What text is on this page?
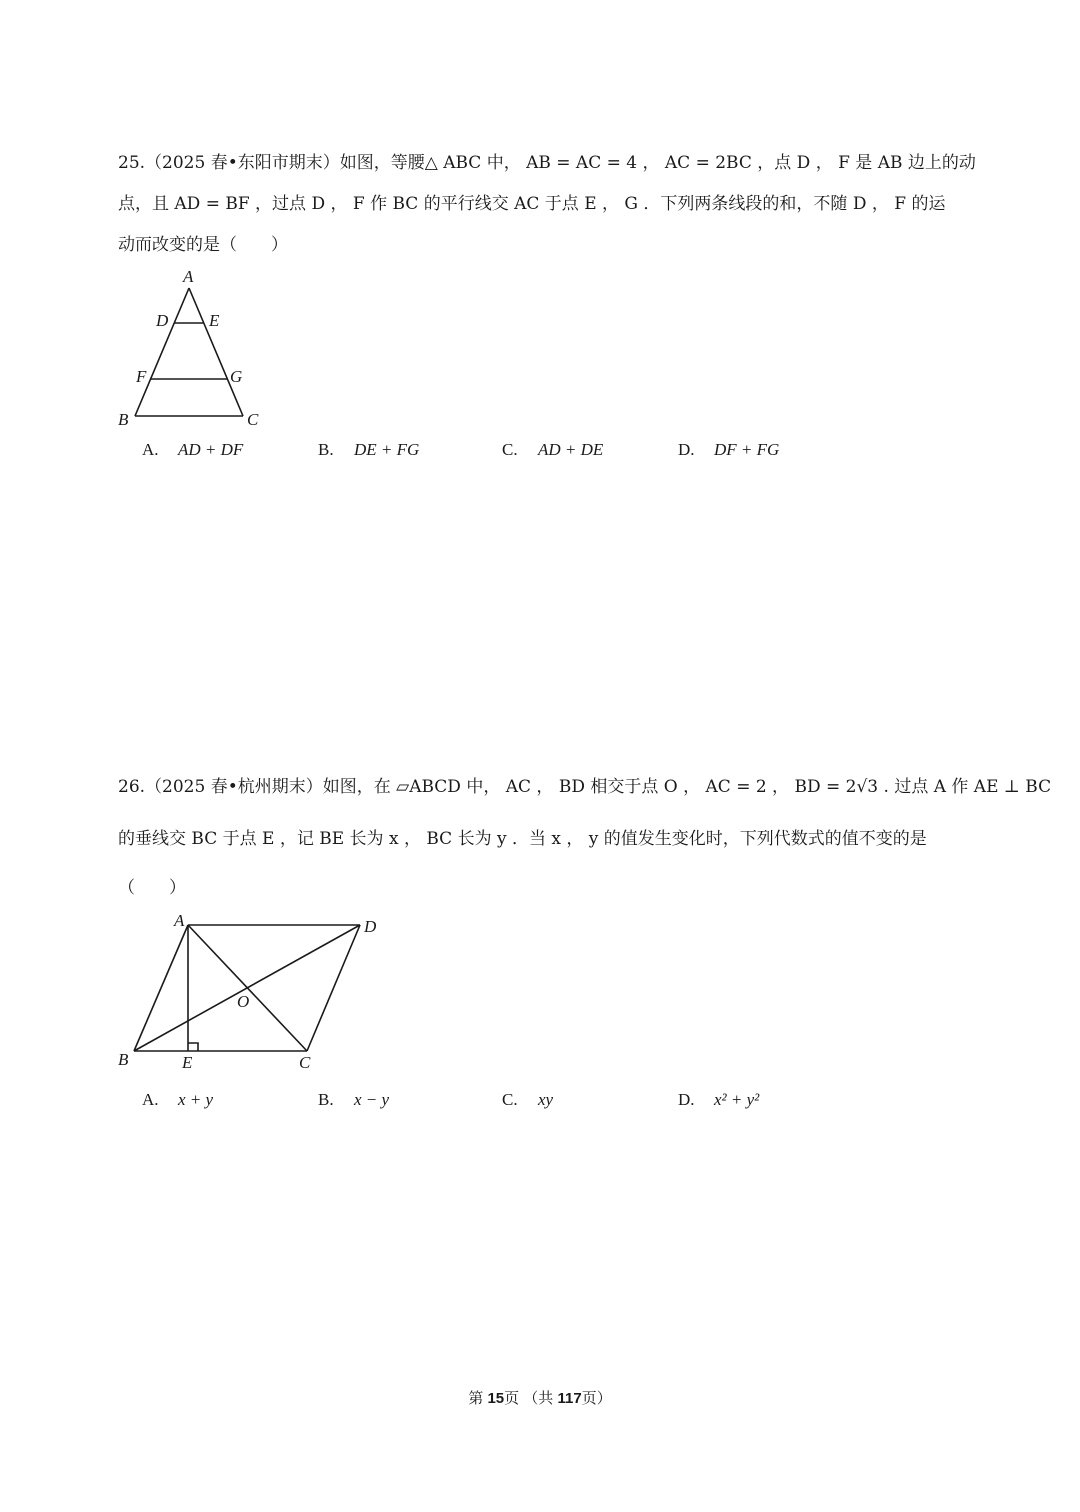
25.（2025 春•东阳市期末）如图，等腰△ ABC 中， AB = AC = 4 ， AC = 2BC ，点 D ， F 是 AB 边上的动
点，且 AD = BF ，过点 D ， F 作 BC 的平行线交 AC 于点 E ， G ．下列两条线段的和，不随 D ， F 的运
动而改变的是（　　）
A
D E
F	G
B	C
A. AD + DF	B. DE + FG	C. AD + DE	D. DF + FG
26.（2025 春•杭州期末）如图，在 ▱ABCD 中， AC ， BD 相交于点 O ， AC = 2 ， BD = 2√3 . 过点 A 作 AE ⊥ BC
的垂线交 BC 于点 E ，记 BE 长为 x ， BC 长为 y ．当 x ， y 的值发生变化时，下列代数式的值不变的是
（　　）
A	D
O
B	E	C
A. x + y	B. x − y	C. xy	D. x² + y²
第 15页 （共 117页）
